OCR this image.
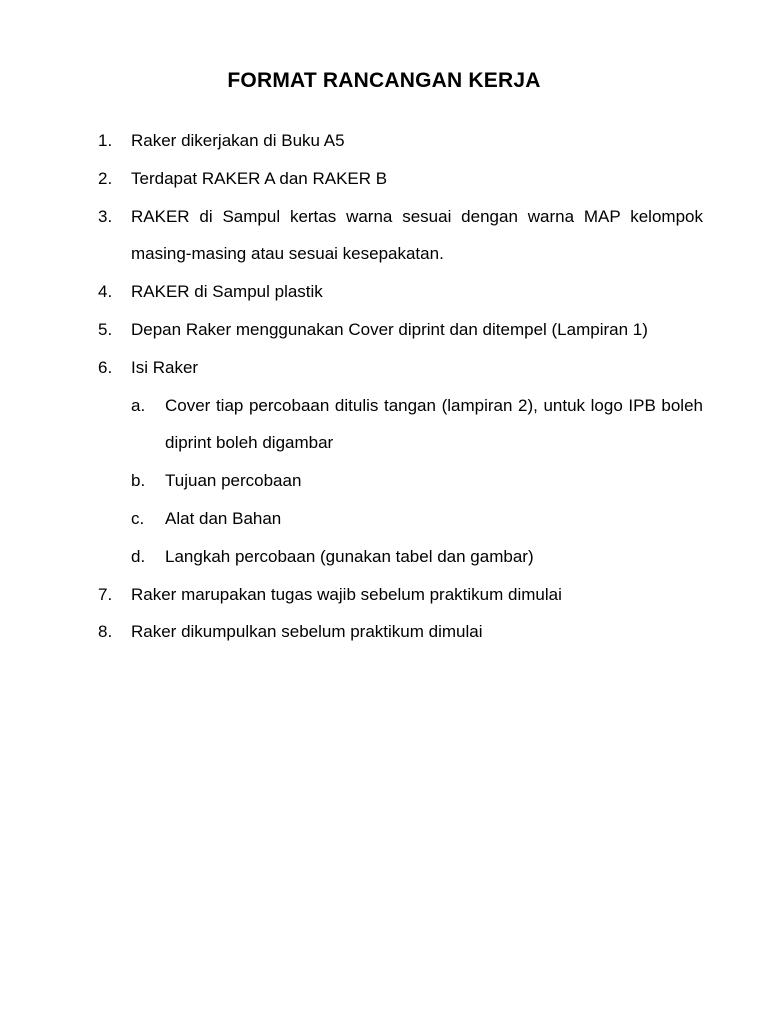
FORMAT RANCANGAN KERJA
1.	Raker dikerjakan di Buku A5
2.	Terdapat RAKER A dan RAKER B
3.	RAKER di Sampul kertas warna sesuai dengan warna MAP kelompok masing-masing atau sesuai kesepakatan.
4.	RAKER di Sampul plastik
5.	Depan Raker menggunakan Cover diprint dan ditempel (Lampiran 1)
6.	Isi Raker
a.	Cover tiap percobaan ditulis tangan (lampiran 2), untuk logo IPB boleh diprint boleh digambar
b.	Tujuan percobaan
c.	Alat dan Bahan
d.	Langkah percobaan (gunakan tabel dan gambar)
7.	Raker marupakan tugas wajib sebelum praktikum dimulai
8.	Raker dikumpulkan sebelum praktikum dimulai
